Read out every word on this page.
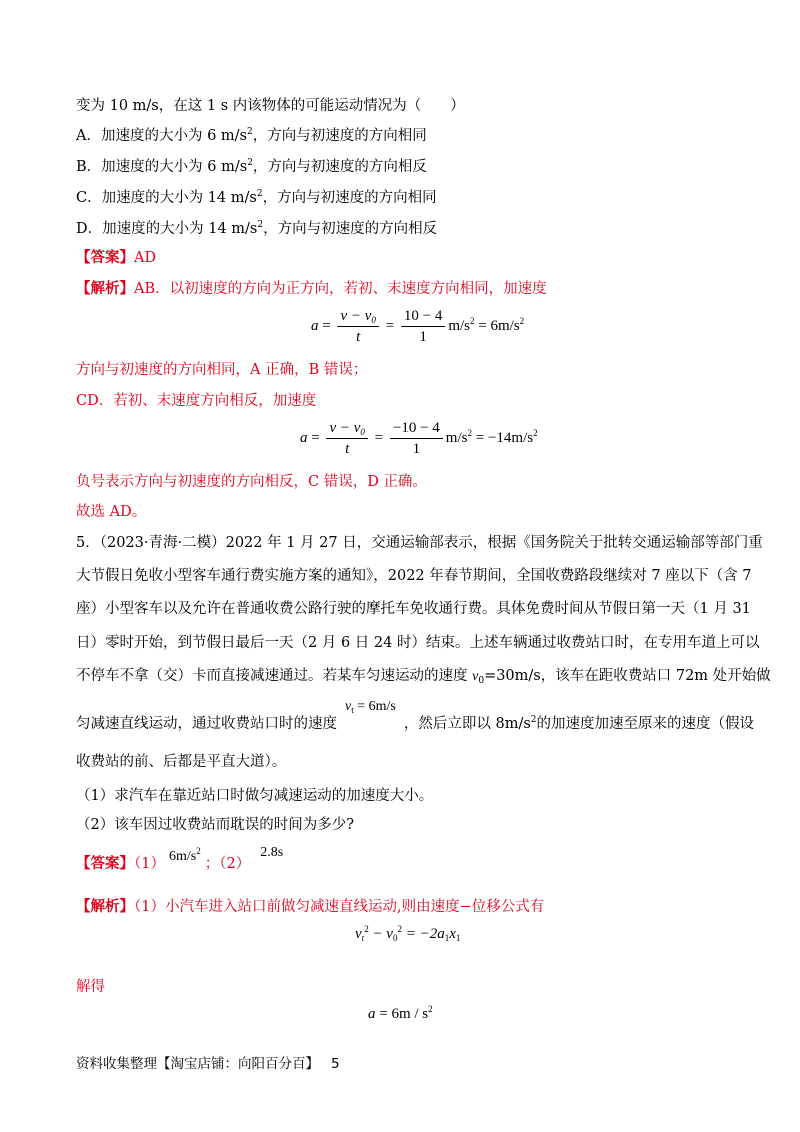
变为 10 m/s，在这 1 s 内该物体的可能运动情况为（　　）
A．加速度的大小为 6 $m/s^2$，方向与初速度的方向相同
B．加速度的大小为 6 $m/s^2$，方向与初速度的方向相反
C．加速度的大小为 14 $m/s^2$，方向与初速度的方向相同
D．加速度的大小为 14 $m/s^2$，方向与初速度的方向相反
【答案】AD
【解析】AB．以初速度的方向为正方向，若初、末速度方向相同，加速度
$a = \frac{v - v_0}{t} = \frac{10 - 4}{1} m/s^2 = 6m/s^2$
方向与初速度的方向相同，A 正确，B 错误；
CD．若初、末速度方向相反，加速度
$a = \frac{v - v_0}{t} = \frac{-10 - 4}{1} m/s^2 = -14m/s^2$
负号表示方向与初速度的方向相反，C 错误，D 正确。
故选 AD。
5．（2023·青海·二模）2022 年 1 月 27 日，交通运输部表示，根据《国务院关于批转交通运输部等部门重
大节假日免收小型客车通行费实施方案的通知》，2022 年春节期间，全国收费路段继续对 7 座以下（含 7
座）小型客车以及允许在普通收费公路行驶的摩托车免收通行费。具体免费时间从节假日第一天（1 月 31
日）零时开始，到节假日最后一天（2 月 6 日 24 时）结束。上述车辆通过收费站口时，在专用车道上可以
不停车不拿（交）卡而直接减速通过。若某车匀速运动的速度 $v_0=30m/s$，该车在距收费站口 72m 处开始做
匀减速直线运动，通过收费站口时的速度$v_t = 6m/s$，然后立即以 $8m/s^2$的加速度加速至原来的速度（假设
收费站的前、后都是平直大道）。
（1）求汽车在靠近站口时做匀减速运动的加速度大小。
（2）该车因过收费站而耽误的时间为多少?
【答案】（1） $6m/s^2$；（2）2.8s
【解析】（1）小汽车进入站口前做匀减速直线运动,则由速度−位移公式有
$v_t^2 - v_0^2 = -2a_1x_1$
解得
$a = 6m / s^2$
资料收集整理【淘宝店铺：向阳百分百】 5
